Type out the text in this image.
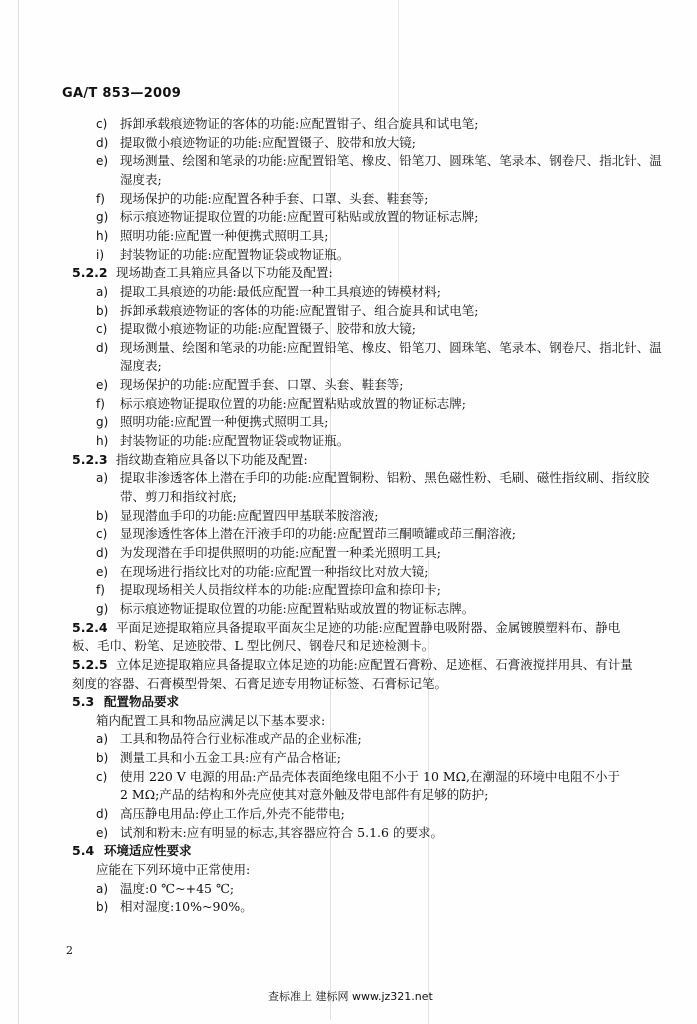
GA/T 853—2009
c) 拆卸承载痕迹物证的客体的功能:应配置钳子、组合旋具和试电笔;
d) 提取微小痕迹物证的功能:应配置镊子、胶带和放大镜;
e) 现场测量、绘图和笔录的功能:应配置铅笔、橡皮、铅笔刀、圆珠笔、笔录本、钢卷尺、指北针、温
湿度表;
f) 现场保护的功能:应配置各种手套、口罩、头套、鞋套等;
g) 标示痕迹物证提取位置的功能:应配置可粘贴或放置的物证标志牌;
h) 照明功能:应配置一种便携式照明工具;
i) 封装物证的功能:应配置物证袋或物证瓶。
5.2.2 现场勘查工具箱应具备以下功能及配置:
a) 提取工具痕迹的功能:最低应配置一种工具痕迹的铸模材料;
b) 拆卸承载痕迹物证的客体的功能:应配置钳子、组合旋具和试电笔;
c) 提取微小痕迹物证的功能:应配置镊子、胶带和放大镜;
d) 现场测量、绘图和笔录的功能:应配置铅笔、橡皮、铅笔刀、圆珠笔、笔录本、钢卷尺、指北针、温
湿度表;
e) 现场保护的功能:应配置手套、口罩、头套、鞋套等;
f) 标示痕迹物证提取位置的功能:应配置粘贴或放置的物证标志牌;
g) 照明功能:应配置一种便携式照明工具;
h) 封装物证的功能:应配置物证袋或物证瓶。
5.2.3 指纹勘查箱应具备以下功能及配置:
a) 提取非渗透客体上潜在手印的功能:应配置铜粉、铝粉、黑色磁性粉、毛刷、磁性指纹刷、指纹胶
带、剪刀和指纹衬底;
b) 显现潜血手印的功能:应配置四甲基联苯胺溶液;
c) 显现渗透性客体上潜在汗液手印的功能:应配置茚三酮喷罐或茚三酮溶液;
d) 为发现潜在手印提供照明的功能:应配置一种柔光照明工具;
e) 在现场进行指纹比对的功能:应配置一种指纹比对放大镜;
f) 提取现场相关人员指纹样本的功能:应配置捺印盒和捺印卡;
g) 标示痕迹物证提取位置的功能:应配置粘贴或放置的物证标志牌。
5.2.4 平面足迹提取箱应具备提取平面灰尘足迹的功能:应配置静电吸附器、金属镀膜塑料布、静电
板、毛巾、粉笔、足迹胶带、L 型比例尺、钢卷尺和足迹检测卡。
5.2.5 立体足迹提取箱应具备提取立体足迹的功能:应配置石膏粉、足迹框、石膏液搅拌用具、有计量
刻度的容器、石膏模型骨架、石膏足迹专用物证标签、石膏标记笔。
5.3 配置物品要求
箱内配置工具和物品应满足以下基本要求:
a) 工具和物品符合行业标准或产品的企业标准;
b) 测量工具和小五金工具:应有产品合格证;
c) 使用 220 V 电源的用品:产品壳体表面绝缘电阻不小于 10 MΩ,在潮湿的环境中电阻不小于
2 MΩ;产品的结构和外壳应使其对意外触及带电部件有足够的防护;
d) 高压静电用品:停止工作后,外壳不能带电;
e) 试剂和粉末:应有明显的标志,其容器应符合 5.1.6 的要求。
5.4 环境适应性要求
应能在下列环境中正常使用:
a) 温度:0 ℃~+45 ℃;
b) 相对湿度:10%~90%。
2
查标准上 建标网 www.jz321.net
